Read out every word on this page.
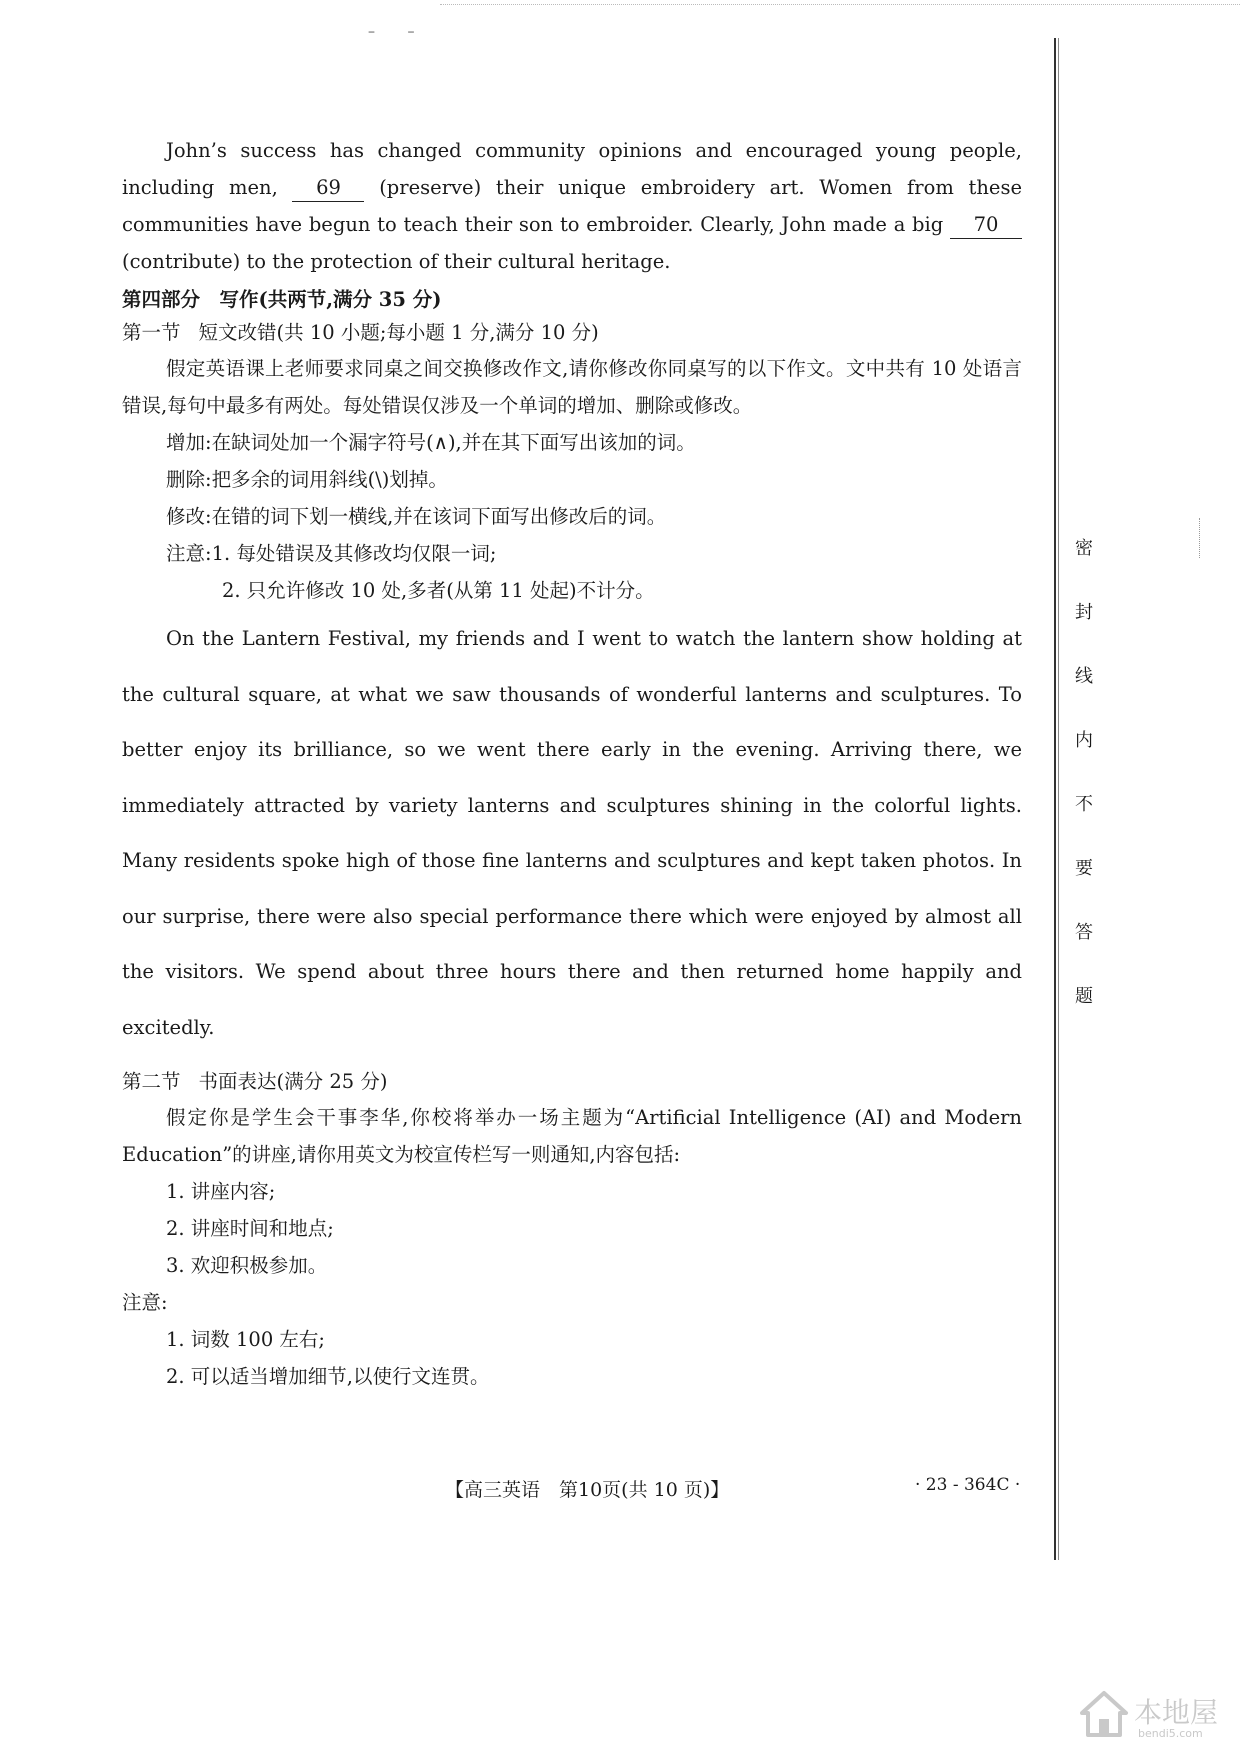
– –

John’s success has changed community opinions and encouraged young people, including men, 69 (preserve) their unique embroidery art. Women from these communities have begun to teach their son to embroider. Clearly, John made a big 70 (contribute) to the protection of their cultural heritage.

第四部分　写作(共两节,满分 35 分)

第一节 短文改错(共 10 小题;每小题 1 分,满分 10 分)

假定英语课上老师要求同桌之间交换修改作文,请你修改你同桌写的以下作文。文中共有 10 处语言错误,每句中最多有两处。每处错误仅涉及一个单词的增加、删除或修改。

增加:在缺词处加一个漏字符号(∧),并在其下面写出该加的词。

删除:把多余的词用斜线(\)划掉。

修改:在错的词下划一横线,并在该词下面写出修改后的词。

注意:1. 每处错误及其修改均仅限一词;

2. 只允许修改 10 处,多者(从第 11 处起)不计分。

On the Lantern Festival, my friends and I went to watch the lantern show holding at the cultural square, at what we saw thousands of wonderful lanterns and sculptures. To better enjoy its brilliance, so we went there early in the evening. Arriving there, we immediately attracted by variety lanterns and sculptures shining in the colorful lights. Many residents spoke high of those fine lanterns and sculptures and kept taken photos. In our surprise, there were also special performance there which were enjoyed by almost all the visitors. We spend about three hours there and then returned home happily and excitedly.

第二节 书面表达(满分 25 分)

假定你是学生会干事李华,你校将举办一场主题为“Artificial Intelligence (AI) and Modern Education”的讲座,请你用英文为校宣传栏写一则通知,内容包括:

1. 讲座内容;

2. 讲座时间和地点;

3. 欢迎积极参加。

注意:

1. 词数 100 左右;

2. 可以适当增加细节,以使行文连贯。

【高三英语　第10页(共 10 页)】	· 23 - 364C ·
密
封
线
内
不
要
答
题
本地屋
bendi5.com
